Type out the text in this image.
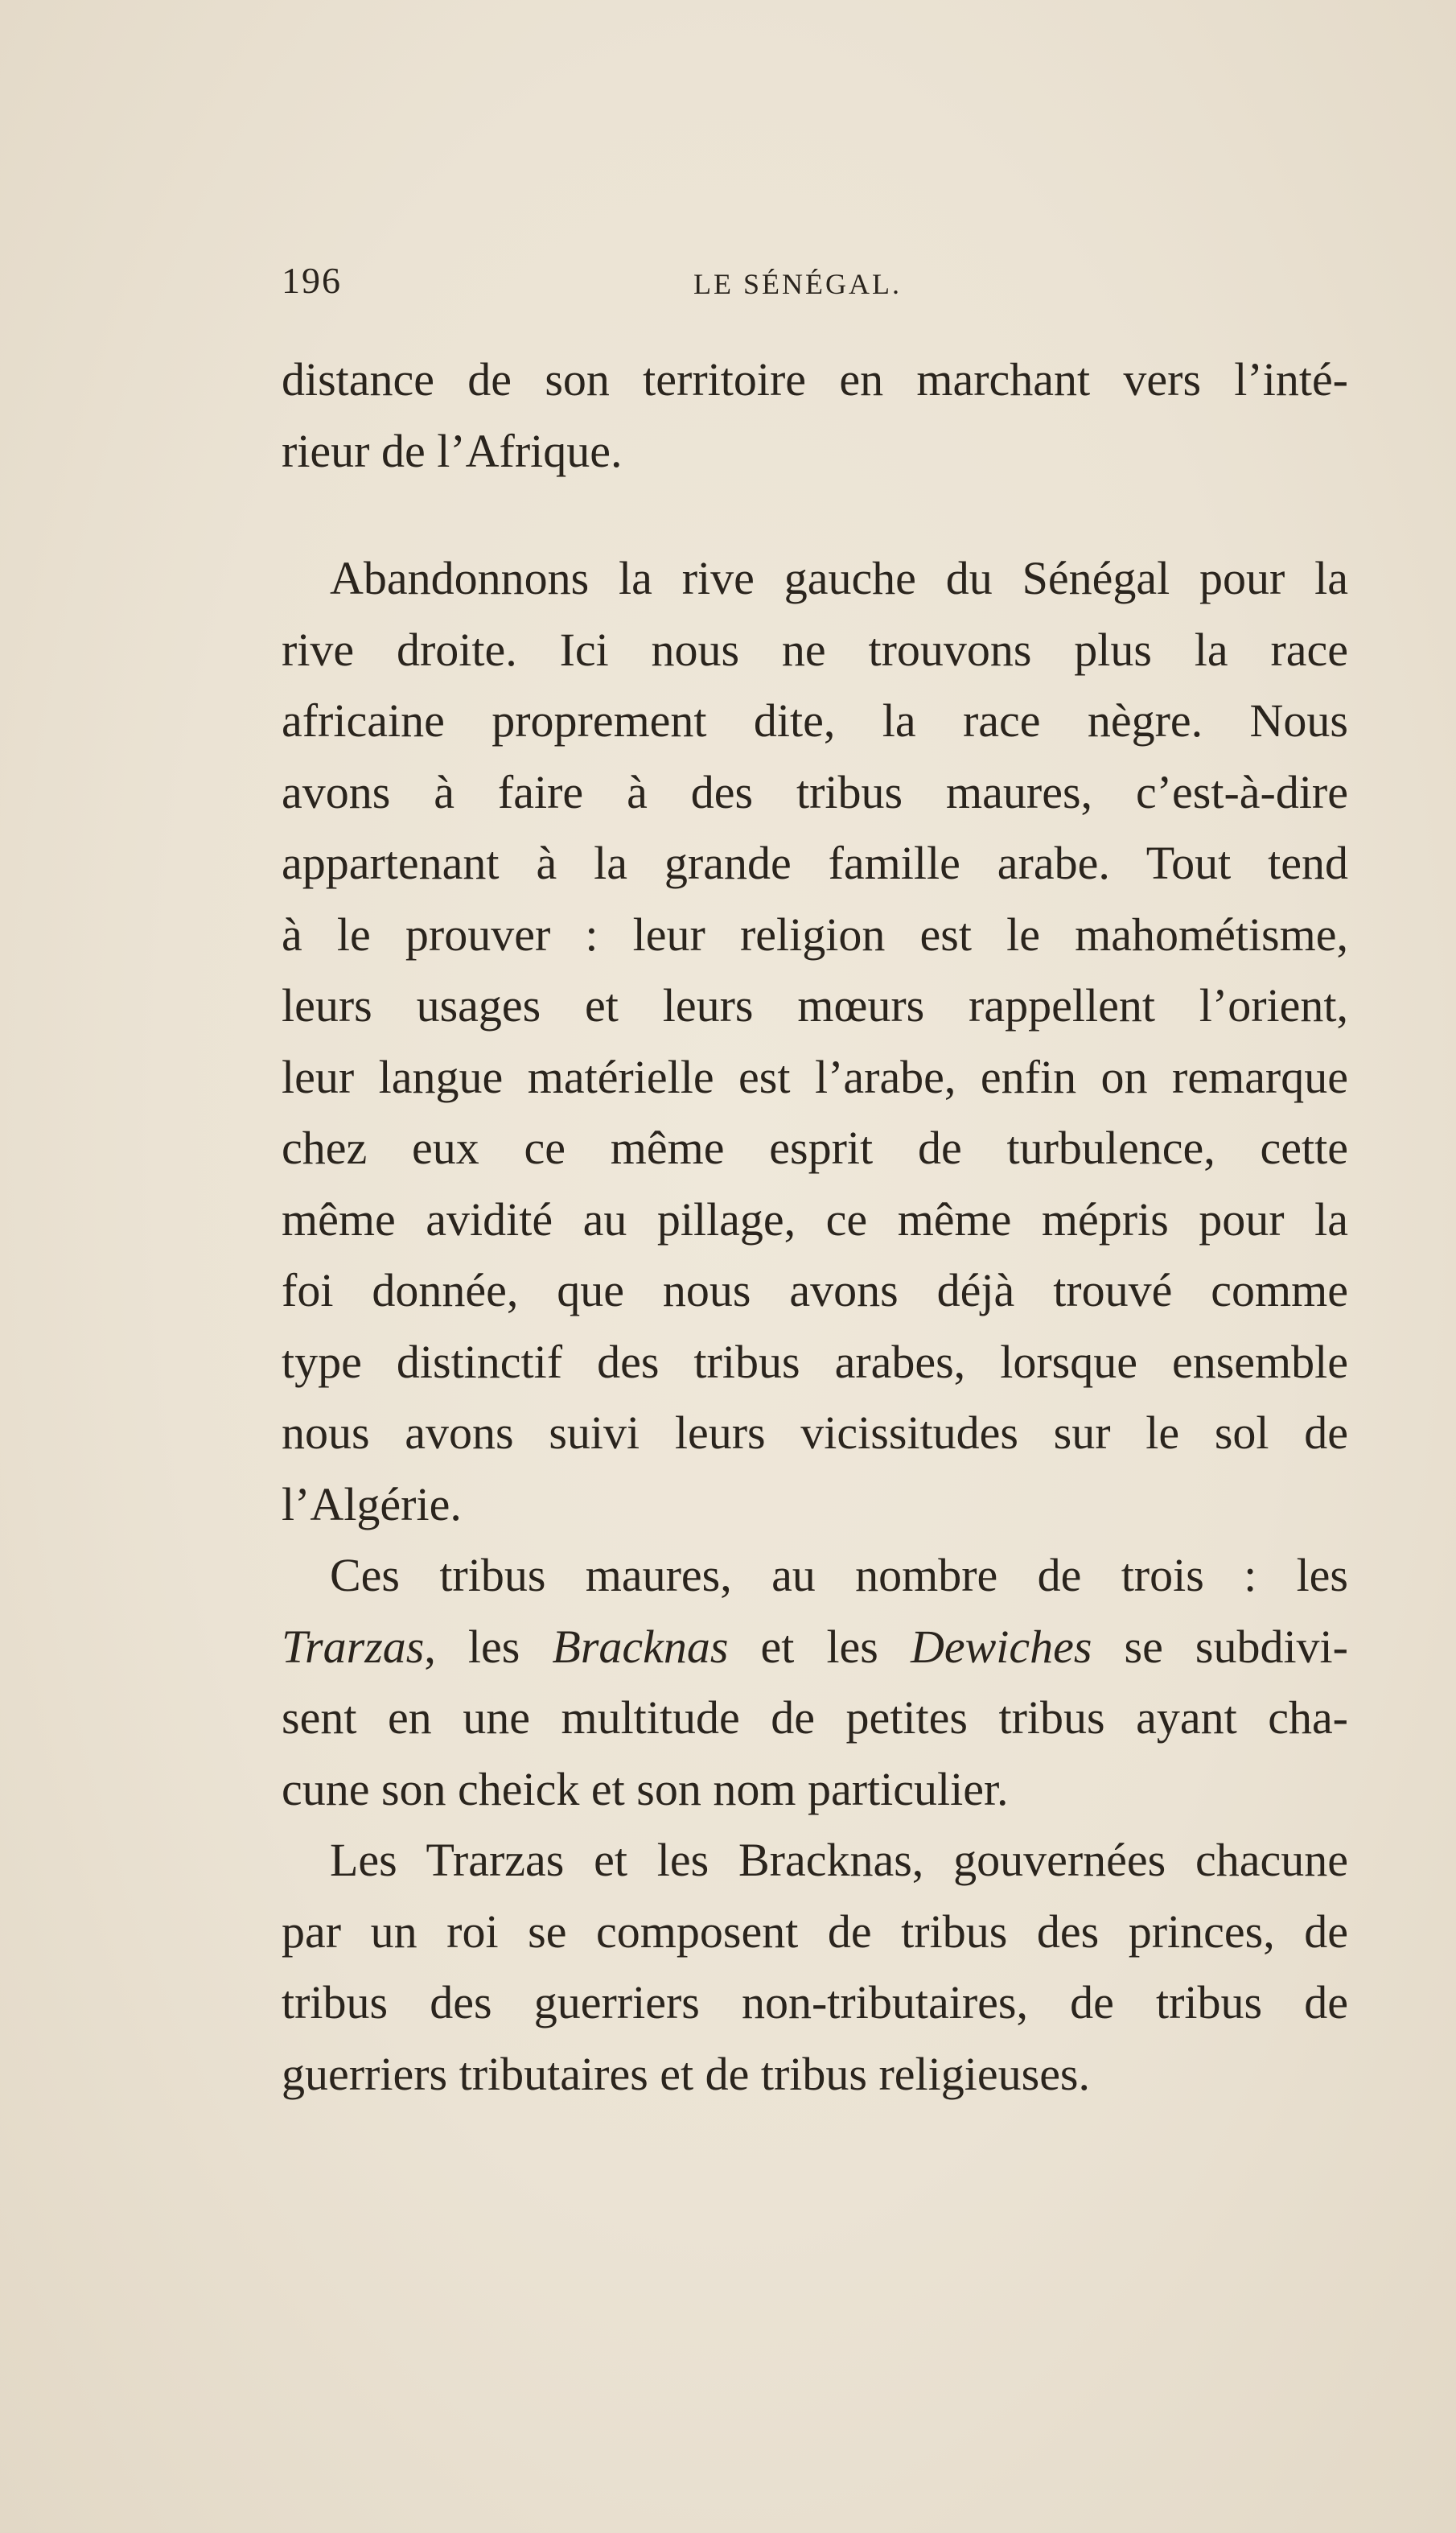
196	LE SÉNÉGAL.
distance de son territoire en marchant vers l’inté-
rieur de l’Afrique.
Abandonnons la rive gauche du Sénégal pour la
rive droite. Ici nous ne trouvons plus la race
africaine proprement dite, la race nègre. Nous
avons à faire à des tribus maures, c’est-à-dire
appartenant à la grande famille arabe. Tout tend
à le prouver : leur religion est le mahométisme,
leurs usages et leurs mœurs rappellent l’orient,
leur langue matérielle est l’arabe, enfin on remarque
chez eux ce même esprit de turbulence, cette
même avidité au pillage, ce même mépris pour la
foi donnée, que nous avons déjà trouvé comme
type distinctif des tribus arabes, lorsque ensemble
nous avons suivi leurs vicissitudes sur le sol de
l’Algérie.
Ces tribus maures, au nombre de trois : les
Trarzas, les Bracknas et les Dewiches se subdivi-
sent en une multitude de petites tribus ayant cha-
cune son cheick et son nom particulier.
Les Trarzas et les Bracknas, gouvernées chacune
par un roi se composent de tribus des princes, de
tribus des guerriers non-tributaires, de tribus de
guerriers tributaires et de tribus religieuses.
